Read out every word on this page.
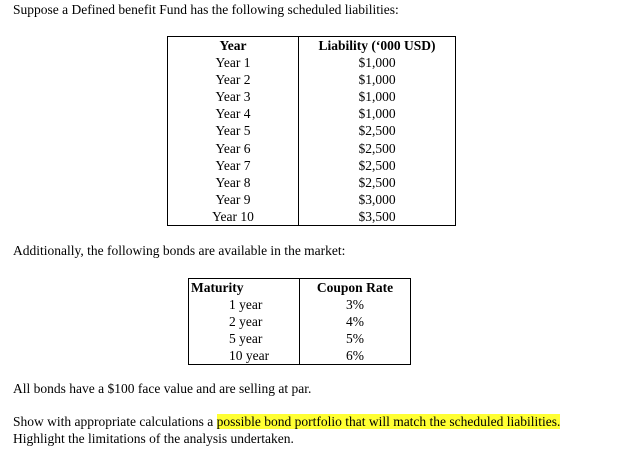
Suppose a Defined benefit Fund has the following scheduled liabilities:
Year	Liability (‘000 USD)
Year 1	$1,000
Year 2	$1,000
Year 3	$1,000
Year 4	$1,000
Year 5	$2,500
Year 6	$2,500
Year 7	$2,500
Year 8	$2,500
Year 9	$3,000
Year 10	$3,500
Additionally, the following bonds are available in the market:
Maturity	Coupon Rate
1 year	3%
2 year	4%
5 year	5%
10 year	6%
All bonds have a $100 face value and are selling at par.
Show with appropriate calculations a possible bond portfolio that will match the scheduled liabilities.
Highlight the limitations of the analysis undertaken.
